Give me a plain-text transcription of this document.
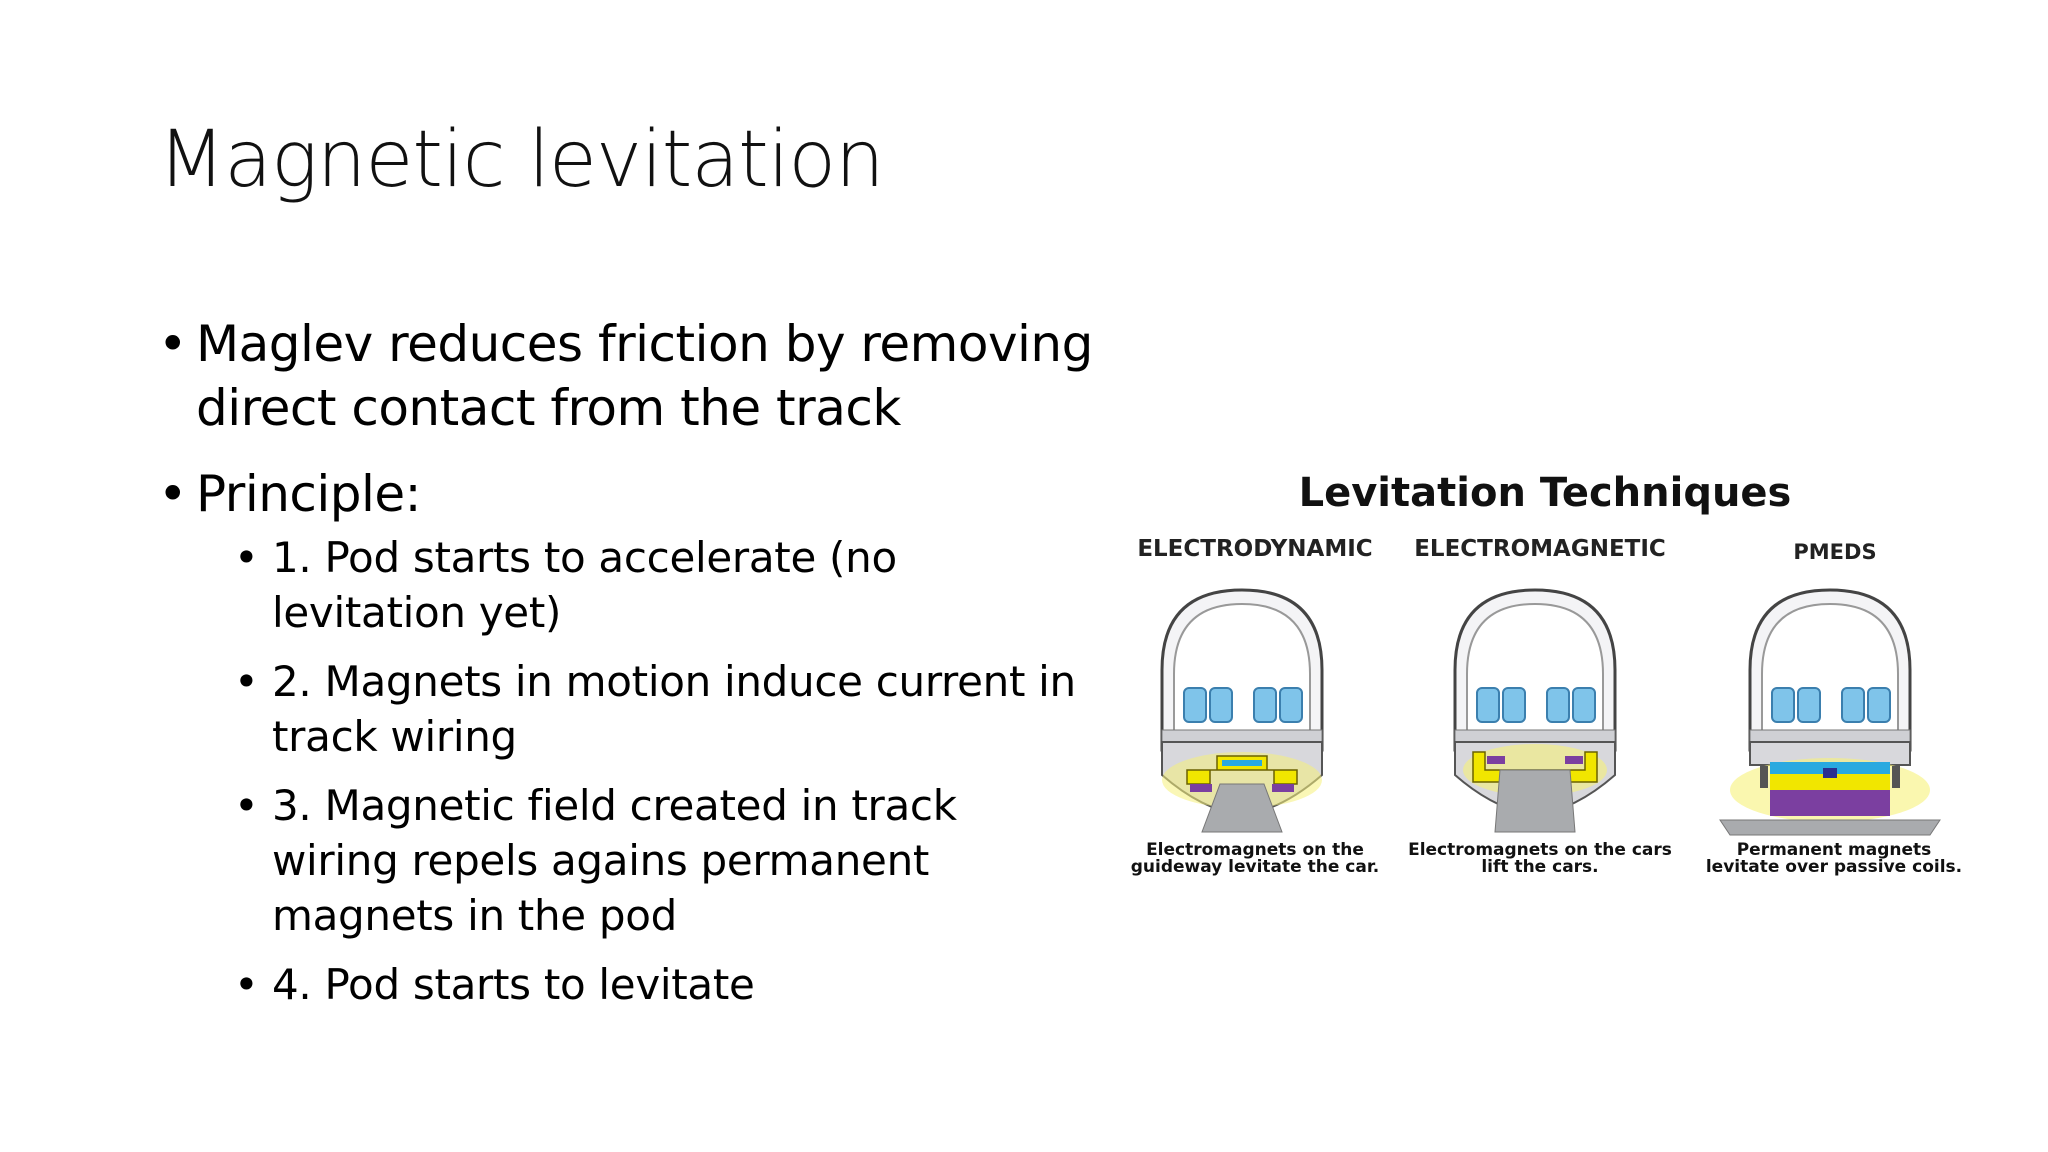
Magnetic levitation
• Maglev reduces friction by removing
direct contact from the track
• Principle:
• 1. Pod starts to accelerate (no
levitation yet)
• 2. Magnets in motion induce current in
track wiring
• 3. Magnetic field created in track
wiring repels agains permanent
magnets in the pod
• 4. Pod starts to levitate
Levitation Techniques
ELECTRODYNAMIC	ELECTROMAGNETIC	PMEDS
Electromagnets on the
guideway levitate the car.
Electromagnets on the cars
lift the cars.
Permanent magnets
levitate over passive coils.
